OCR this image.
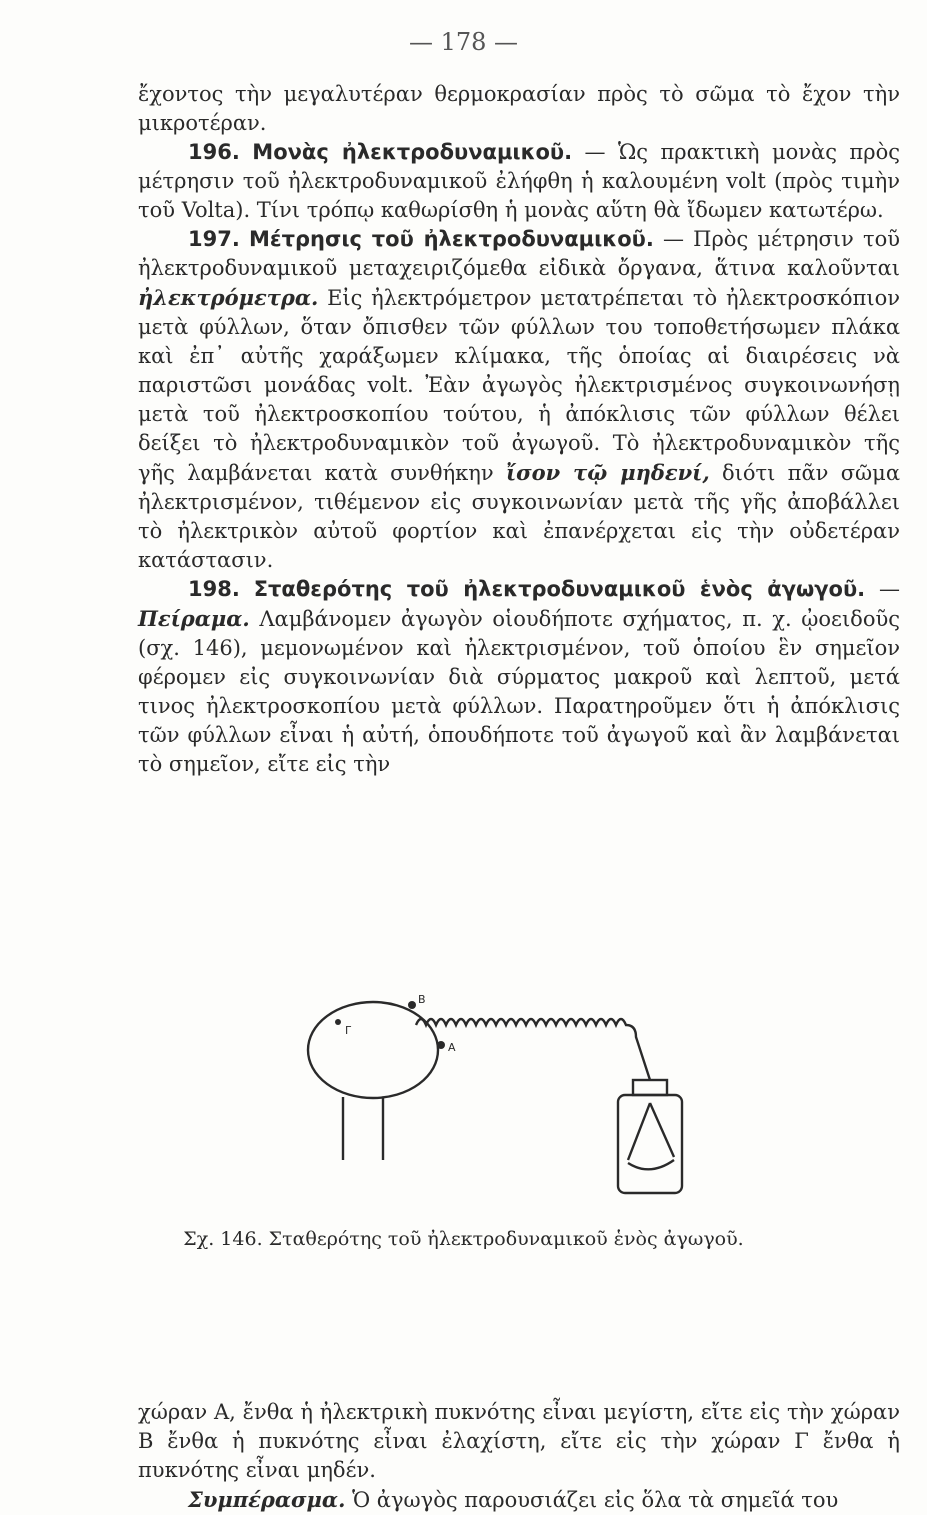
— 178 —

ἔχοντος τὴν μεγαλυτέραν θερμοκρασίαν πρὸς τὸ σῶμα τὸ ἔχον τὴν μικροτέραν.

196. Μονὰς ἠλεκτροδυναμικοῦ. — Ὡς πρακτικὴ μονὰς πρὸς μέτρησιν τοῦ ἠλεκτροδυναμικοῦ ἐλήφθη ἡ καλουμένη volt (πρὸς τιμὴν τοῦ Volta). Τίνι τρόπῳ καθωρίσθη ἡ μονὰς αὕτη θὰ ἴδωμεν κατωτέρω.

197. Μέτρησις τοῦ ἠλεκτροδυναμικοῦ. — Πρὸς μέτρησιν τοῦ ἠλεκτροδυναμικοῦ μεταχειριζόμεθα εἰδικὰ ὄργανα, ἅτινα καλοῦνται ἠλεκτρόμετρα. Εἰς ἠλεκτρόμετρον μετατρέπεται τὸ ἠλεκτροσκόπιον μετὰ φύλλων, ὅταν ὄπισθεν τῶν φύλλων του τοποθετήσωμεν πλάκα καὶ ἐπ᾽ αὐτῆς χαράξωμεν κλίμακα, τῆς ὁποίας αἱ διαιρέσεις νὰ παριστῶσι μονάδας volt. Ἐὰν ἀγωγὸς ἠλεκτρισμένος συγκοινωνήσῃ μετὰ τοῦ ἠλεκτροσκοπίου τούτου, ἡ ἀπόκλισις τῶν φύλλων θέλει δείξει τὸ ἠλεκτροδυναμικὸν τοῦ ἀγωγοῦ. Τὸ ἠλεκτροδυναμικὸν τῆς γῆς λαμβάνεται κατὰ συνθήκην ἴσον τῷ μηδενί, διότι πᾶν σῶμα ἠλεκτρισμένον, τιθέμενον εἰς συγκοινωνίαν μετὰ τῆς γῆς ἀποβάλλει τὸ ἠλεκτρικὸν αὐτοῦ φορτίον καὶ ἐπανέρχεται εἰς τὴν οὐδετέραν κατάστασιν.

198. Σταθερότης τοῦ ἠλεκτροδυναμικοῦ ἑνὸς ἀγωγοῦ. — Πείραμα. Λαμβάνομεν ἀγωγὸν οἱουδήποτε σχήματος, π. χ. ᾠοειδοῦς (σχ. 146), μεμονωμένον καὶ ἠλεκτρισμένον, τοῦ ὁποίου ἓν σημεῖον φέρομεν εἰς συγκοινωνίαν διὰ σύρματος μακροῦ καὶ λεπτοῦ, μετά τινος ἠλεκτροσκοπίου μετὰ φύλλων. Παρατηροῦμεν ὅτι ἡ ἀπόκλισις τῶν φύλλων εἶναι ἡ αὐτή, ὁπουδήποτε τοῦ ἀγωγοῦ καὶ ἂν λαμβάνεται τὸ σημεῖον, εἴτε εἰς τὴν

B
A
Γ
Σχ. 146. Σταθερότης τοῦ ἠλεκτροδυναμικοῦ ἑνὸς ἀγωγοῦ.

χώραν Α, ἔνθα ἡ ἠλεκτρικὴ πυκνότης εἶναι μεγίστη, εἴτε εἰς τὴν χώραν Β ἔνθα ἡ πυκνότης εἶναι ἐλαχίστη, εἴτε εἰς τὴν χώραν Γ ἔνθα ἡ πυκνότης εἶναι μηδέν.

Συμπέρασμα. Ὁ ἀγωγὸς παρουσιάζει εἰς ὅλα τὰ σημεῖά του
